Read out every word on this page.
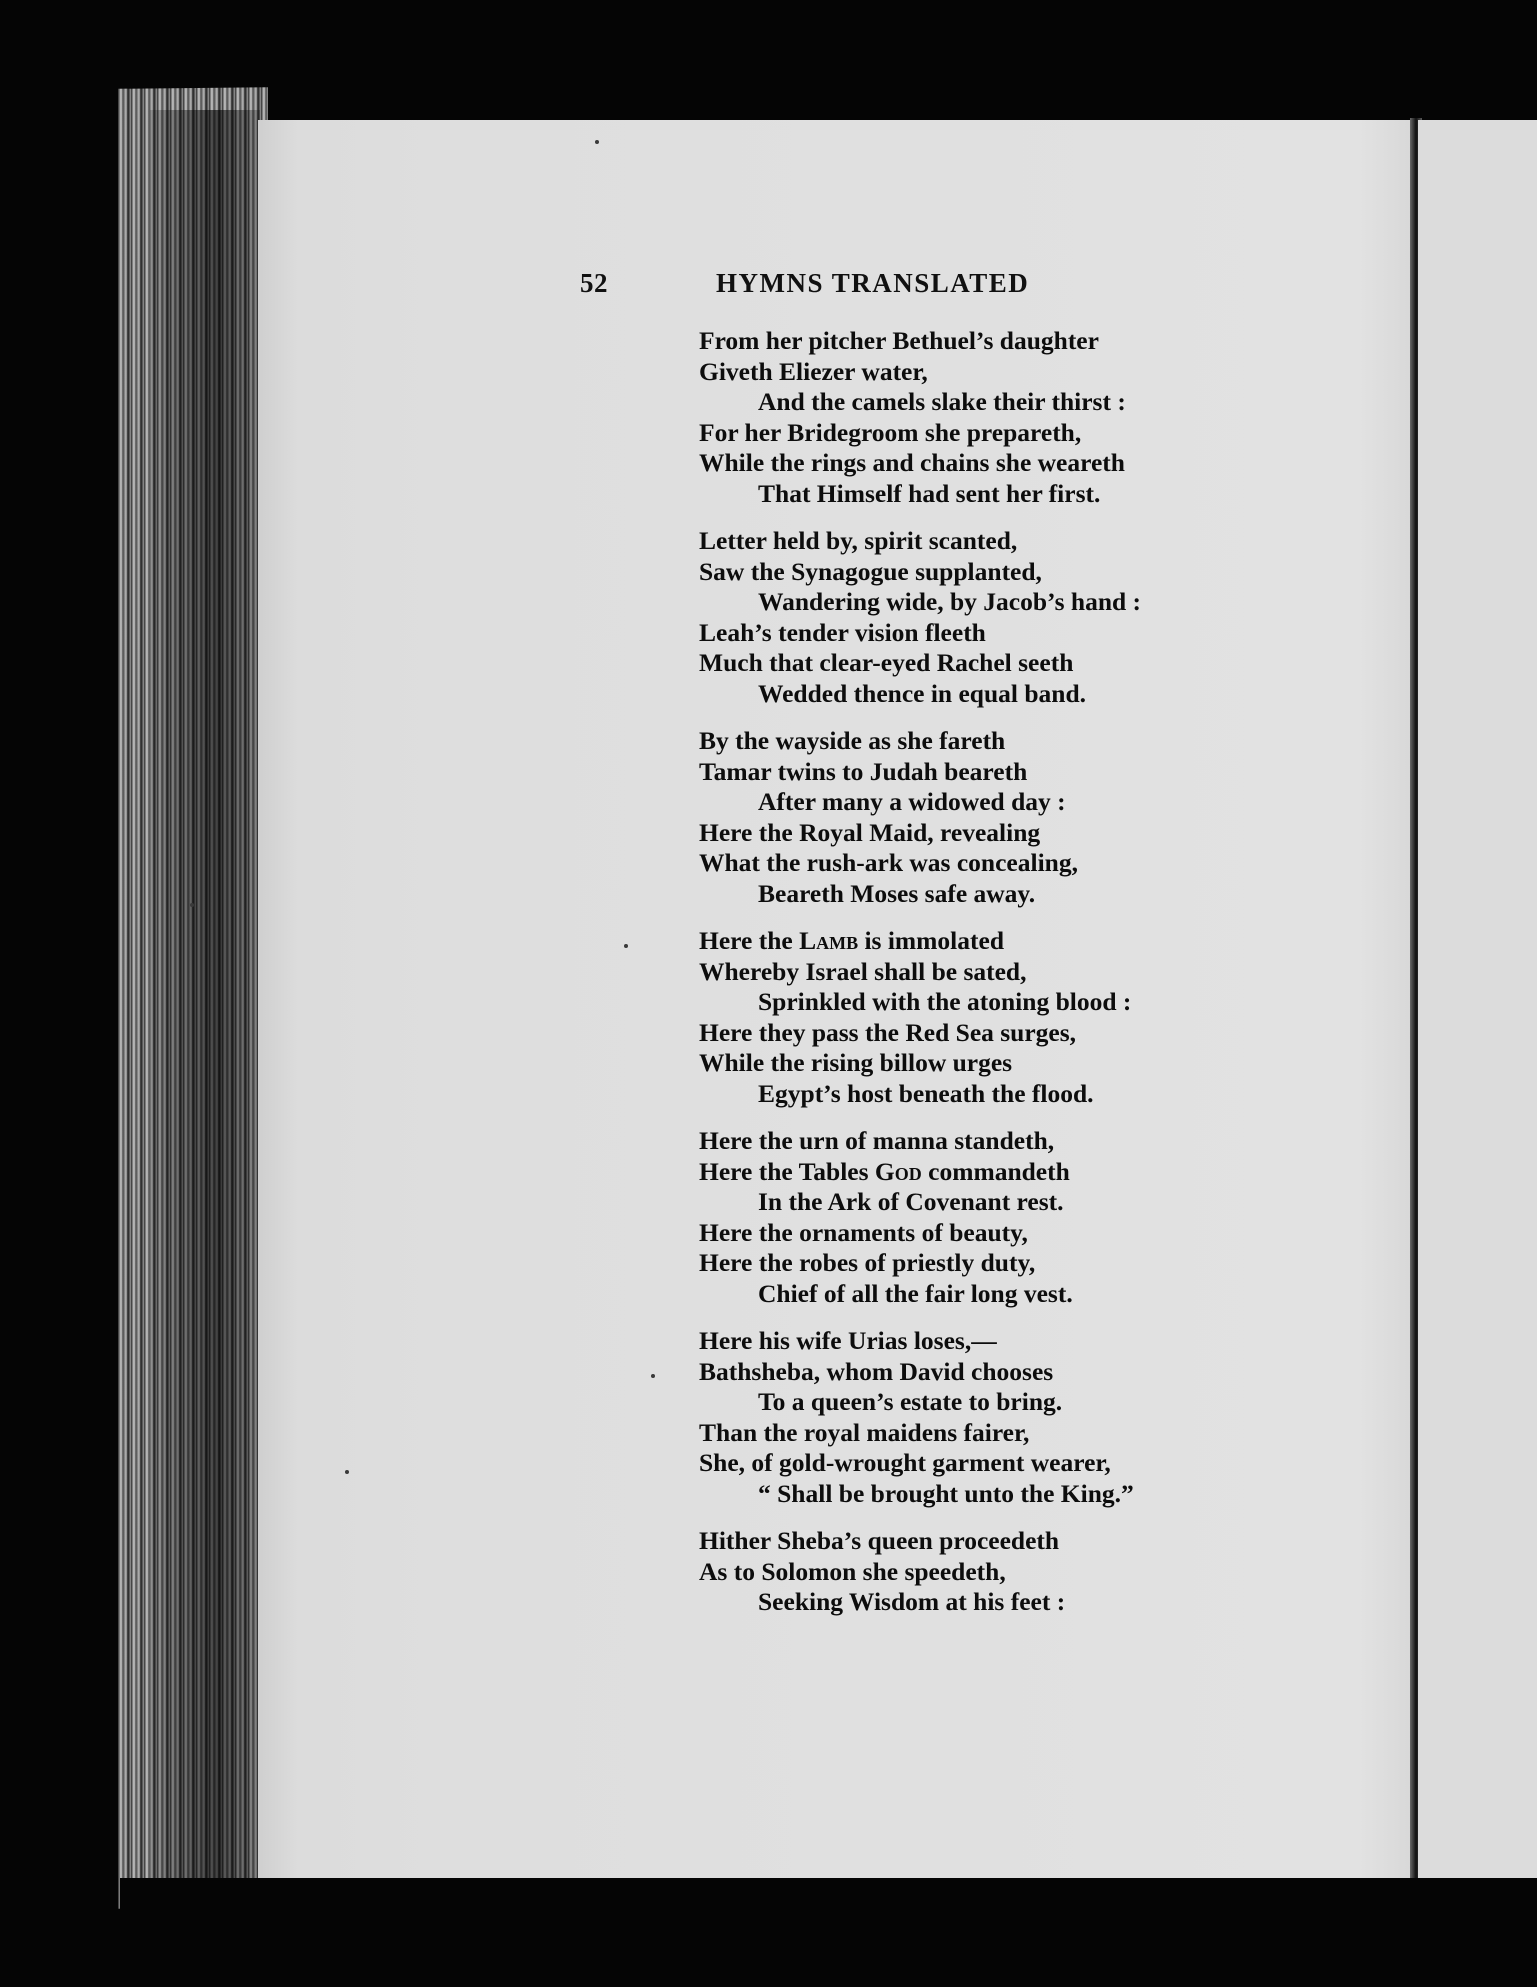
52	HYMNS TRANSLATED
From her pitcher Bethuel’s daughter
Giveth Eliezer water,
And the camels slake their thirst :
For her Bridegroom she prepareth,
While the rings and chains she weareth
That Himself had sent her first.
Letter held by, spirit scanted,
Saw the Synagogue supplanted,
Wandering wide, by Jacob’s hand :
Leah’s tender vision fleeth
Much that clear-eyed Rachel seeth
Wedded thence in equal band.
By the wayside as she fareth
Tamar twins to Judah beareth
After many a widowed day :
Here the Royal Maid, revealing
What the rush-ark was concealing,
Beareth Moses safe away.
Here the Lamb is immolated
Whereby Israel shall be sated,
Sprinkled with the atoning blood :
Here they pass the Red Sea surges,
While the rising billow urges
Egypt’s host beneath the flood.
Here the urn of manna standeth,
Here the Tables God commandeth
In the Ark of Covenant rest.
Here the ornaments of beauty,
Here the robes of priestly duty,
Chief of all the fair long vest.
Here his wife Urias loses,—
Bathsheba, whom David chooses
To a queen’s estate to bring.
Than the royal maidens fairer,
She, of gold-wrought garment wearer,
“ Shall be brought unto the King.”
Hither Sheba’s queen proceedeth
As to Solomon she speedeth,
Seeking Wisdom at his feet :
